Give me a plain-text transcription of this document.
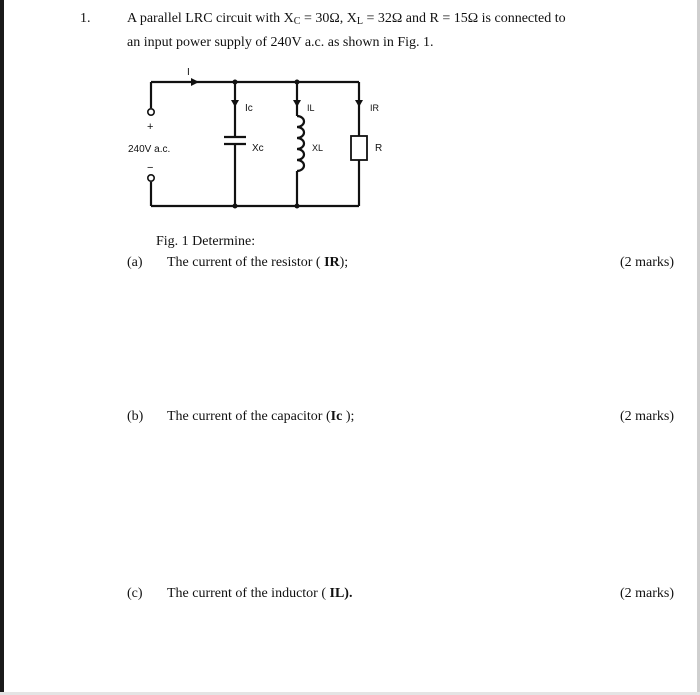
1.	A parallel LRC circuit with XC = 30Ω, XL = 32Ω and R = 15Ω is connected to
an input power supply of 240V a.c. as shown in Fig. 1.
I
Ic	IL	IR
Xc	XL	R
+
−
240V a.c.
Fig. 1 Determine:
(a) The current of the resistor ( IR);	(2 marks)
(b) The current of the capacitor (Ic );	(2 marks)
(c) The current of the inductor ( IL).	(2 marks)
